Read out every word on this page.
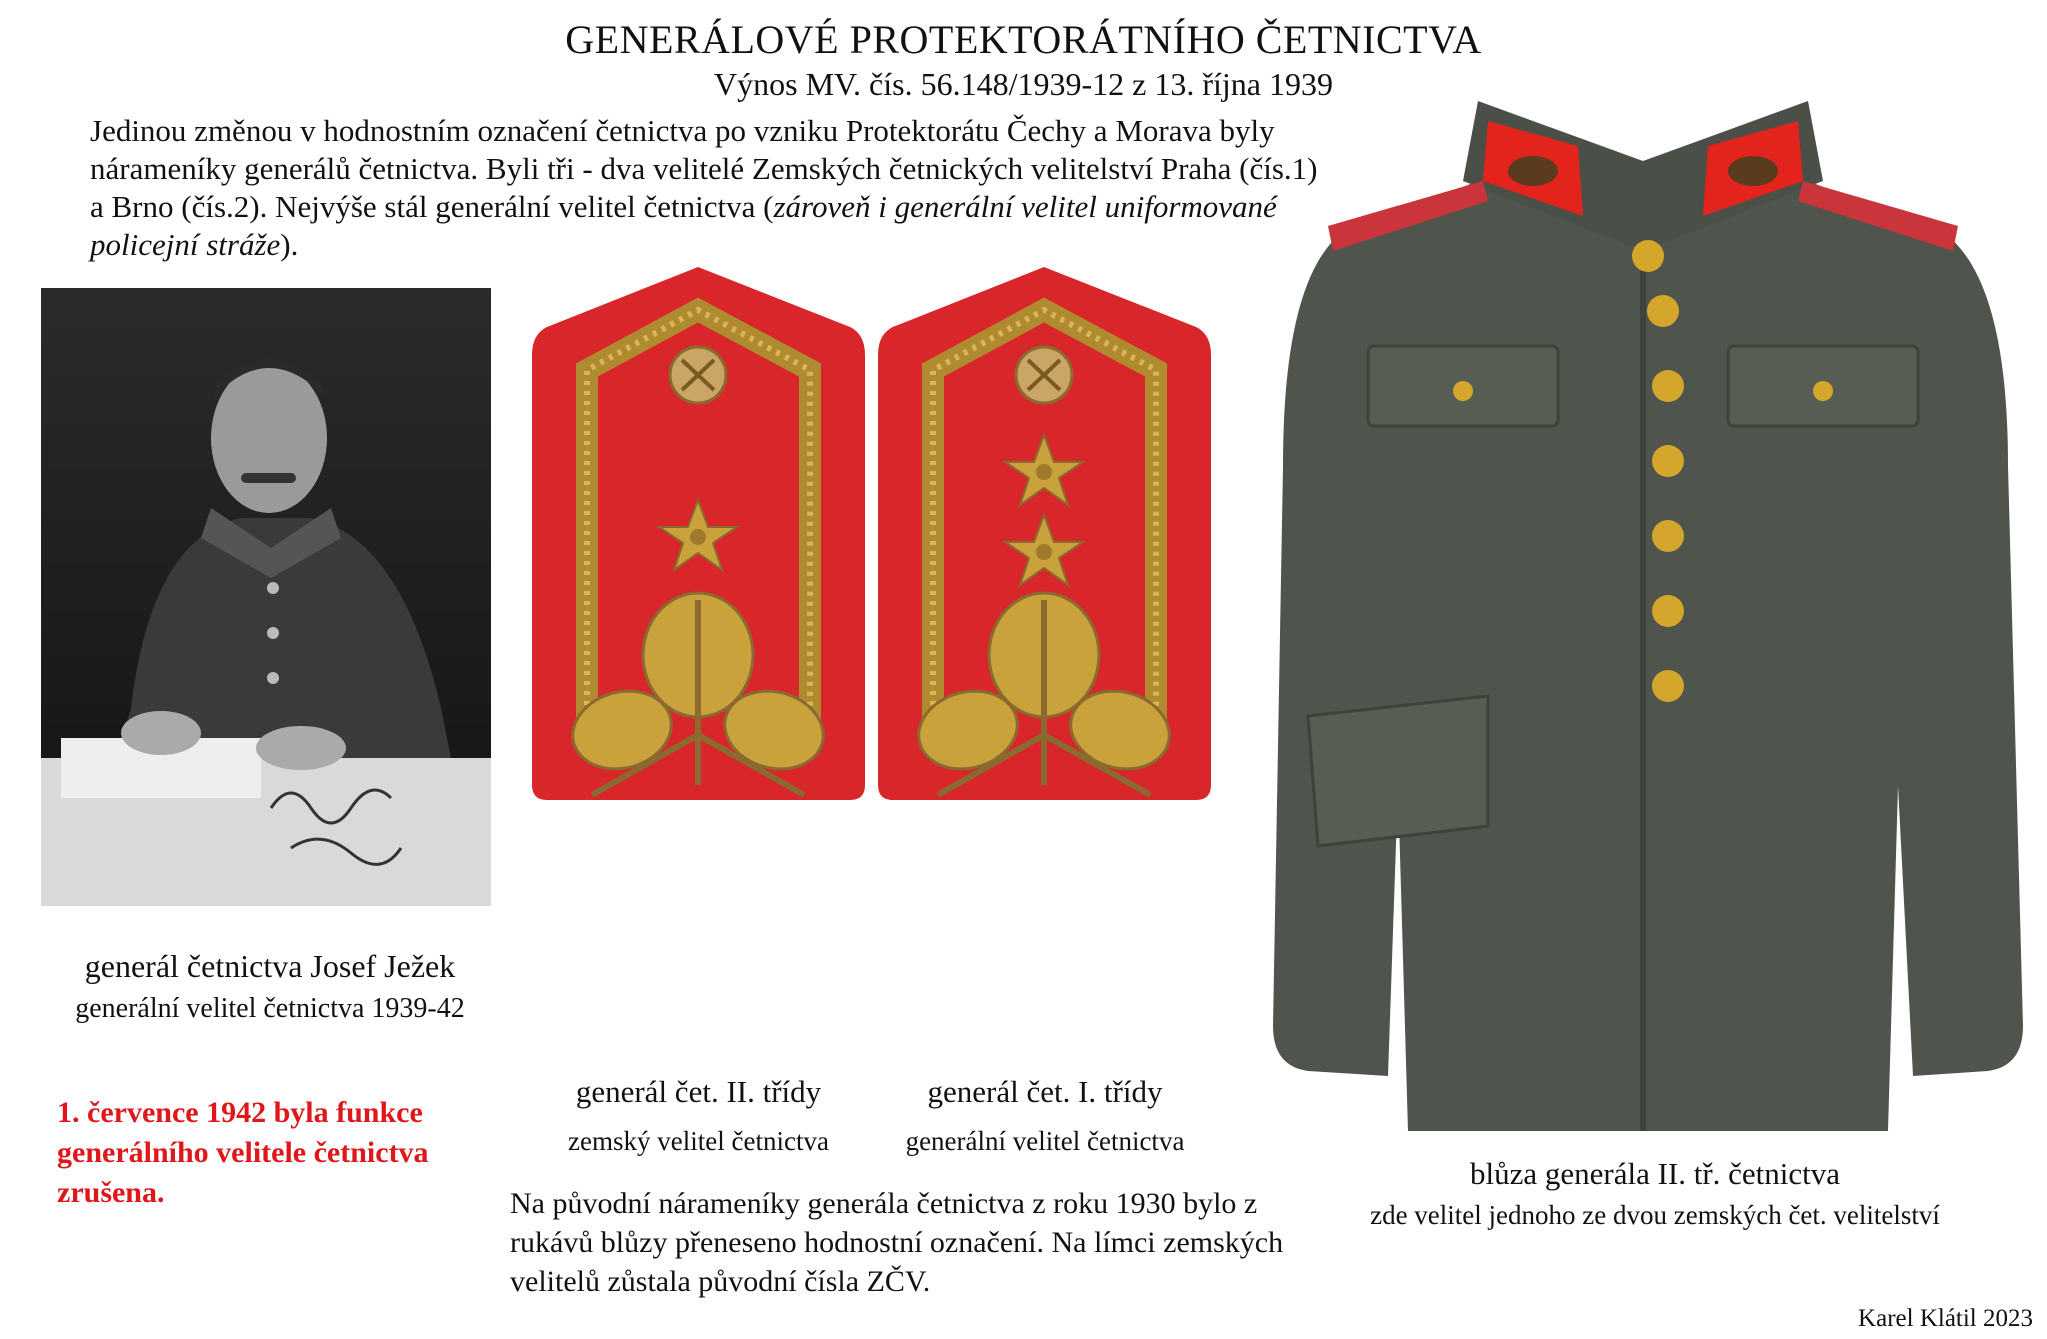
GENERÁLOVÉ PROTEKTORÁTNÍHO ČETNICTVA
Výnos MV. čís. 56.148/1939-12 z 13. října 1939

Jedinou změnou v hodnostním označení četnictva po vzniku Protektorátu Čechy a Morava byly nárameníky generálů četnictva. Byli tři - dva velitelé Zemských četnických velitelství Praha (čís.1) a Brno (čís.2). Nejvýše stál generální velitel četnictva (zároveň i generální velitel uniformované policejní stráže).

generál četnictva Josef Ježek
generální velitel četnictva 1939-42
1. července 1942 byla funkce generálního velitele četnictva zrušena.
generál čet. II. třídy
zemský velitel četnictva
generál čet. I. třídy
generální velitel četnictva
Na původní nárameníky generála četnictva z roku 1930 bylo z rukávů blůzy přeneseno hodnostní označení. Na límci zemských velitelů zůstala původní čísla ZČV.
blůza generála II. tř. četnictva
zde velitel jednoho ze dvou zemských čet. velitelství
Karel Klátil 2023
